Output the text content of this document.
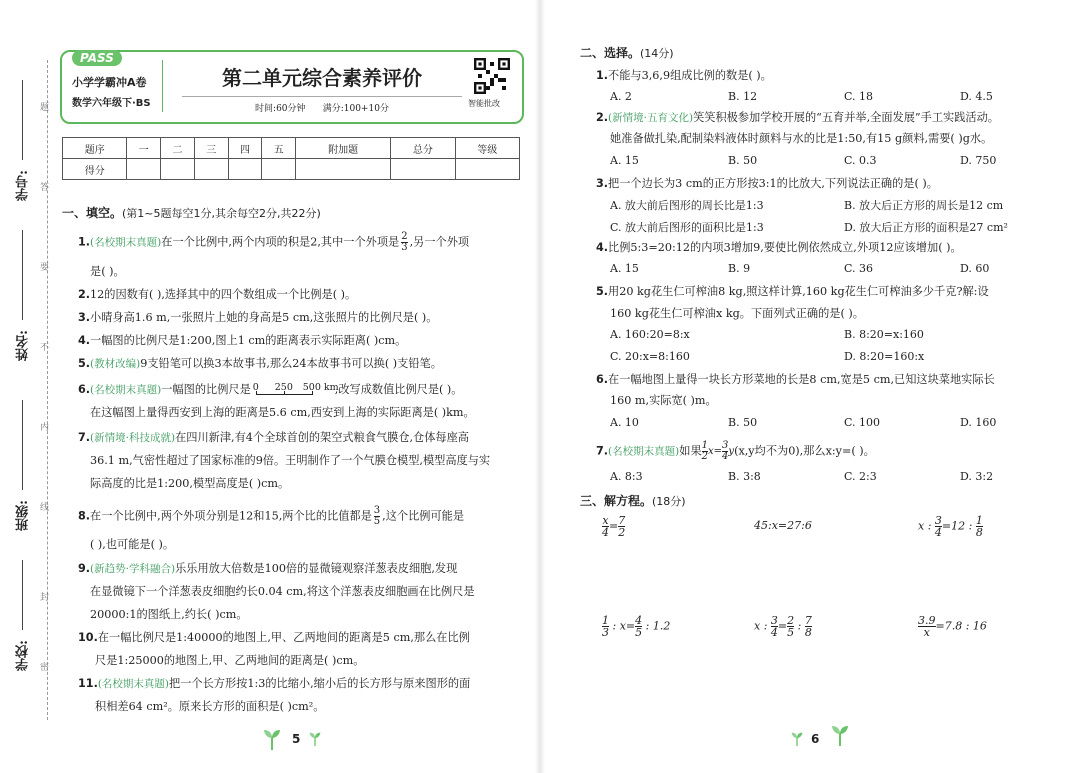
学号:
姓名:
班级:
学校:
题
答
要
不
内
线
封
密
PASS
小学学霸冲A卷
数学六年级下·BS
第二单元综合素养评价
时间:60分钟 满分:100+10分
智能批改
题序	一	二	三	四	五	附加题	总分	等级
得分								
一、填空。(第1~5题每空1分,其余每空2分,共22分)
1.(名校期末真题)在一个比例中,两个内项的积是2,其中一个外项是 $\frac{2}{3}$ ,另一个外项
是( )。
2.12的因数有( ),选择其中的四个数组成一个比例是( )。
3.小晴身高1.6 m,一张照片上她的身高是5 cm,这张照片的比例尺是( )。
4.一幅图的比例尺是1:200,图上1 cm的距离表示实际距离( )cm。
5.(教材改编)9支铅笔可以换3本故事书,那么24本故事书可以换( )支铅笔。
6.(名校期末真题)一幅图的比例尺是 0 250 500 km
,改写成数值比例尺是( )。
在这幅图上量得西安到上海的距离是5.6 cm,西安到上海的实际距离是( )km。
7.(新情境·科技成就)在四川新津,有4个全球首创的架空式粮食气膜仓,仓体每座高
36.1 m,气密性超过了国家标准的9倍。王明制作了一个气膜仓模型,模型高度与实
际高度的比是1:200,模型高度是( )cm。
8.在一个比例中,两个外项分别是12和15,两个比的比值都是 $\frac{3}{5}$ ,这个比例可能是
( ),也可能是( )。
9.(新趋势·学科融合)乐乐用放大倍数是100倍的显微镜观察洋葱表皮细胞,发现
在显微镜下一个洋葱表皮细胞约长0.04 cm,将这个洋葱表皮细胞画在比例尺是
20000:1的图纸上,约长( )cm。
10.在一幅比例尺是1:40000的地图上,甲、乙两地间的距离是5 cm,那么在比例
尺是1:25000的地图上,甲、乙两地间的距离是( )cm。
11.(名校期末真题)把一个长方形按1:3的比缩小,缩小后的长方形与原来图形的面
积相差64 cm²。原来长方形的面积是( )cm²。
5
二、选择。(14分)
1.不能与3,6,9组成比例的数是( )。
A. 2	B. 12	C. 18	D. 4.5
2.(新情境·五育文化)笑笑积极参加学校开展的“五育并举,全面发展”手工实践活动。
她准备做扎染,配制染料液体时颜料与水的比是1:50,有15 g颜料,需要( )g水。
A. 15	B. 50	C. 0.3	D. 750
3.把一个边长为3 cm的正方形按3:1的比放大,下列说法正确的是( )。
A. 放大前后图形的周长比是1:3	B. 放大后正方形的周长是12 cm
C. 放大前后图形的面积比是1:3	D. 放大后正方形的面积是27 cm²
4.比例5:3=20:12的内项3增加9,要使比例依然成立,外项12应该增加( )。
A. 15	B. 9	C. 36	D. 60
5.用20 kg花生仁可榨油8 kg,照这样计算,160 kg花生仁可榨油多少千克?解:设
160 kg花生仁可榨油x kg。下面列式正确的是( )。
A. 160:20=8:x	B. 8:20=x:160
C. 20:x=8:160	D. 8:20=160:x
6.在一幅地图上量得一块长方形菜地的长是8 cm,宽是5 cm,已知这块菜地实际长
160 m,实际宽( )m。
A. 10	B. 50	C. 100	D. 160
7.(名校期末真题)如果 $\frac{1}{2} x= \frac{3}{4} y(x,y$均不为0),那么x:y=( )。
A. 8:3	B. 3:8	C. 2:3	D. 3:2
三、解方程。(18分)
$\frac{x}{4} = \frac{7}{2}$	45:x=27:6	x : $\frac{3}{4} =12$ : $\frac{1}{8}$
$\frac{1}{3}$ : $x= \frac{4}{5}$ : 1.2	x : $\frac{3}{4} = \frac{2}{5}$ : $\frac{7}{8}$	$\frac{3.9}{x} =7.8$ : 16
6
